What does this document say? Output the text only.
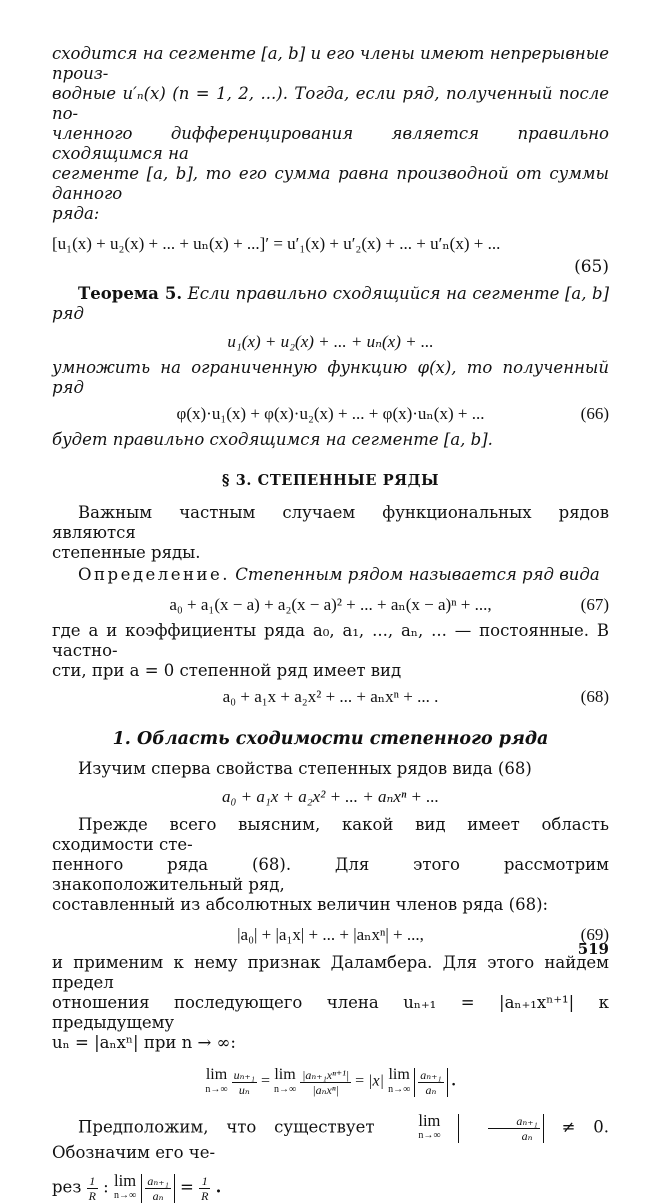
сходится на сегменте [a, b] и его члены имеют непрерывные произ-

водные u′ₙ(x) (n = 1, 2, ...). Тогда, если ряд, полученный после по-

членного дифференцирования является правильно сходящимся на

сегменте [a, b], то его сумма равна производной от суммы данного

ряда:

[u₁(x) + u₂(x) + ... + uₙ(x) + ...]′ = u′₁(x) + u′₂(x) + ... + u′ₙ(x) + ...
(65)

Теорема 5. Если правильно сходящийся на сегменте [a, b] ряд

u₁(x) + u₂(x) + ... + uₙ(x) + ...

умножить на ограниченную функцию φ(x), то полученный ряд

φ(x)·u₁(x) + φ(x)·u₂(x) + ... + φ(x)·uₙ(x) + ...	(66)

будет правильно сходящимся на сегменте [a, b].

§ 3. СТЕПЕННЫЕ РЯДЫ

Важным частным случаем функциональных рядов являются

степенные ряды.

Определение. Степенным рядом называется ряд вида

a₀ + a₁(x − a) + a₂(x − a)² + ... + aₙ(x − a)ⁿ + ...,	(67)

где a и коэффициенты ряда a₀, a₁, ..., aₙ, ... — постоянные. В частно-

сти, при a = 0 степенной ряд имеет вид

a₀ + a₁x + a₂x² + ... + aₙxⁿ + ... .	(68)
1. Область сходимости степенного ряда

Изучим сперва свойства степенных рядов вида (68)

a₀ + a₁x + a₂x² + ... + aₙxⁿ + ...

Прежде всего выясним, какой вид имеет область сходимости сте-

пенного ряда (68). Для этого рассмотрим знакоположительный ряд,

составленный из абсолютных величин членов ряда (68):

|a₀| + |a₁x| + ... + |aₙxⁿ| + ...,	(69)

и применим к нему признак Даламбера. Для этого найдем предел

отношения последующего члена uₙ₊₁ = |aₙ₊₁xⁿ⁺¹| к предыдущему

uₙ = |aₙxⁿ| при n → ∞:

lim
n→∞
$\frac{\text{uₙ₊₁}}{\text{uₙ}} = \lim$
n→∞
$\frac{\text{|aₙ₊₁xⁿ⁺¹|}}{\text{|aₙxⁿ|}} = |x|$ lim
n→∞
$\frac{\text{aₙ₊₁}}{\text{aₙ}}$ .

Предположим, что существует	lim
n→∞
	$\frac{\text{aₙ₊₁}}{\text{aₙ}} \ne 0$. Обозначим его че-

рез $\frac{1}{R}$ : lim
n→∞
$\frac{\text{aₙ₊₁}}{\text{aₙ}} = \frac{1}{R}$ .

519
